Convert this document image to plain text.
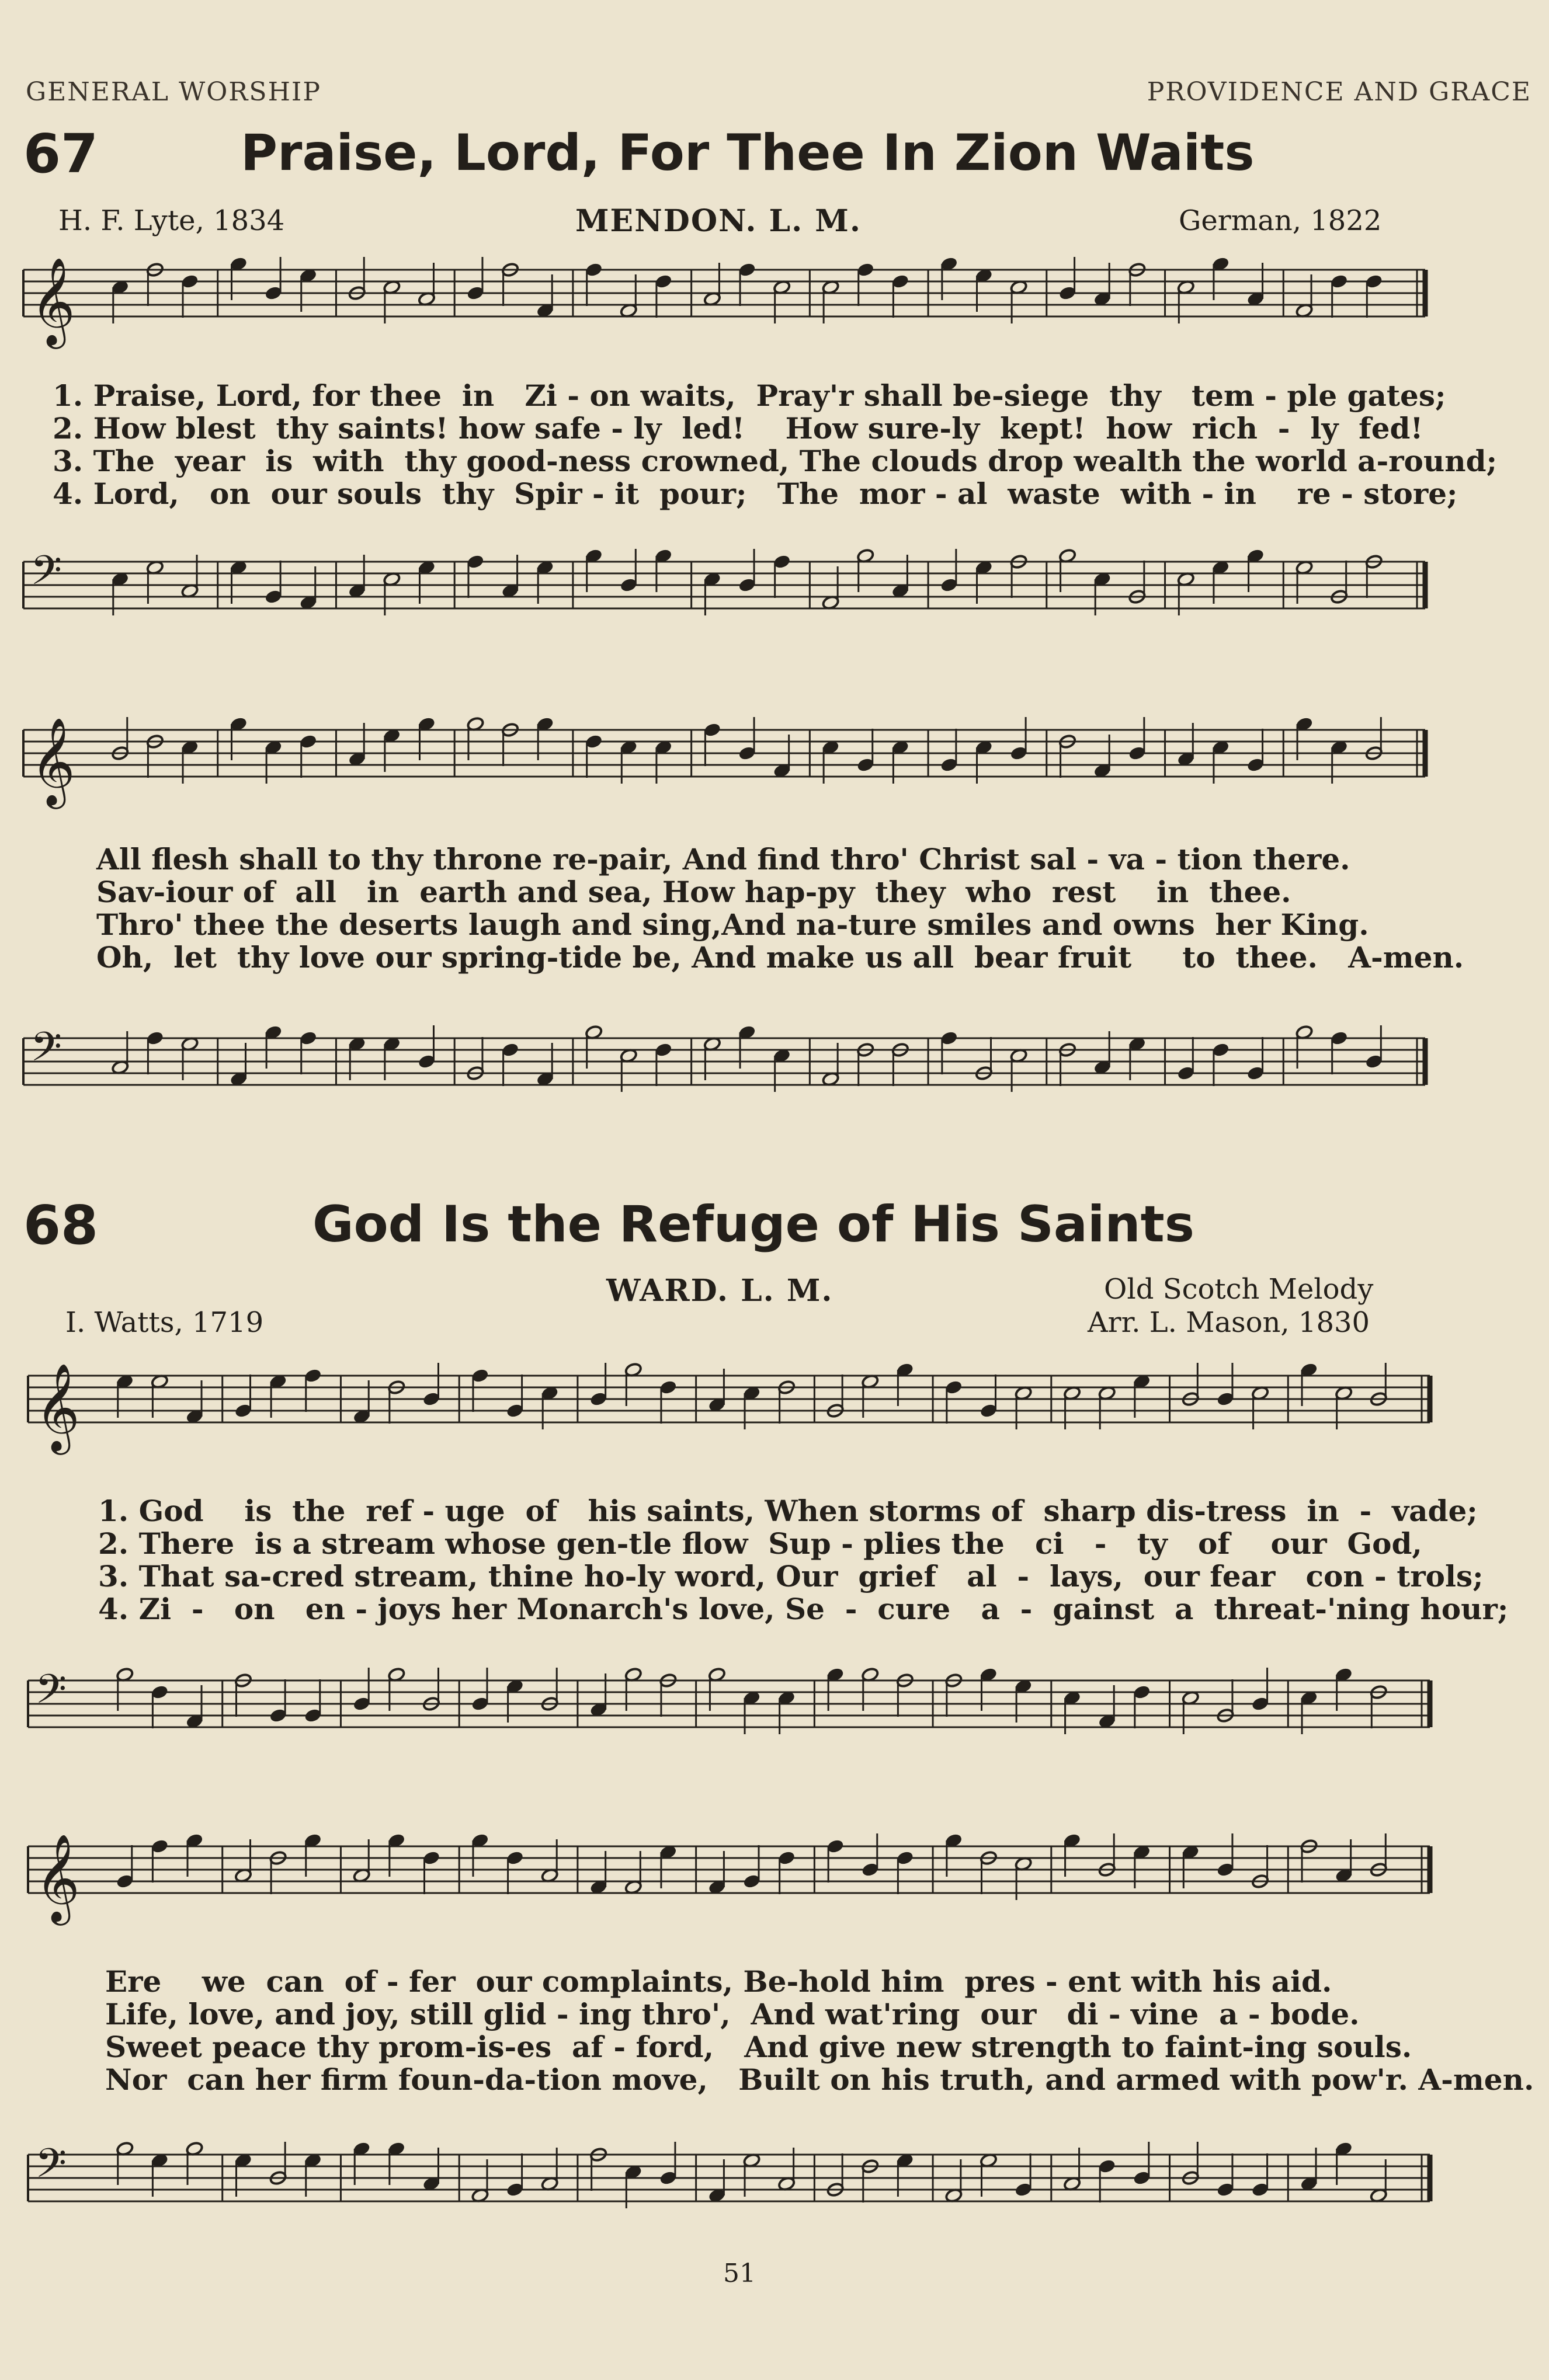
GENERAL WORSHIP	PROVIDENCE AND GRACE
67	Praise, Lord, For Thee In Zion Waits
H. F. Lyte, 1834	MENDON. L. M.	German, 1822
1. Praise, Lord, for thee  in   Zi - on waits,  Pray'r shall be-siege  thy   tem - ple gates;
2. How blest  thy saints! how safe - ly  led!    How sure-ly  kept!  how  rich  -  ly  fed!
3. The  year  is  with  thy good-ness crowned, The clouds drop wealth the world a-round;
4. Lord,   on  our souls  thy  Spir - it  pour;   The  mor - al  waste  with - in    re - store;
All flesh shall to thy throne re-pair, And find thro' Christ sal - va - tion there.
Sav-iour of  all   in  earth and sea, How hap-py  they  who  rest    in  thee.
Thro' thee the deserts laugh and sing,And na-ture smiles and owns  her King.
Oh,  let  thy love our spring-tide be, And make us all  bear fruit     to  thee.   A-men.
68	God Is the Refuge of His Saints
WARD. L. M.
I. Watts, 1719
Old Scotch Melody
Arr. L. Mason, 1830
1. God    is  the  ref - uge  of   his saints, When storms of  sharp dis-tress  in  -  vade;
2. There  is a stream whose gen-tle flow  Sup - plies the   ci   -   ty   of    our  God,
3. That sa-cred stream, thine ho-ly word, Our  grief   al  -  lays,  our fear   con - trols;
4. Zi  -   on   en - joys her Monarch's love, Se  -  cure   a  -  gainst  a  threat-'ning hour;
Ere    we  can  of - fer  our complaints, Be-hold him  pres - ent with his aid.
Life, love, and joy, still glid - ing thro',  And wat'ring  our   di - vine  a - bode.
Sweet peace thy prom-is-es  af - ford,   And give new strength to faint-ing souls.
Nor  can her firm foun-da-tion move,   Built on his truth, and armed with pow'r. A-men.
51
𝄞
𝄢
𝄞
𝄢
𝄞
𝄢
𝄞
𝄢
